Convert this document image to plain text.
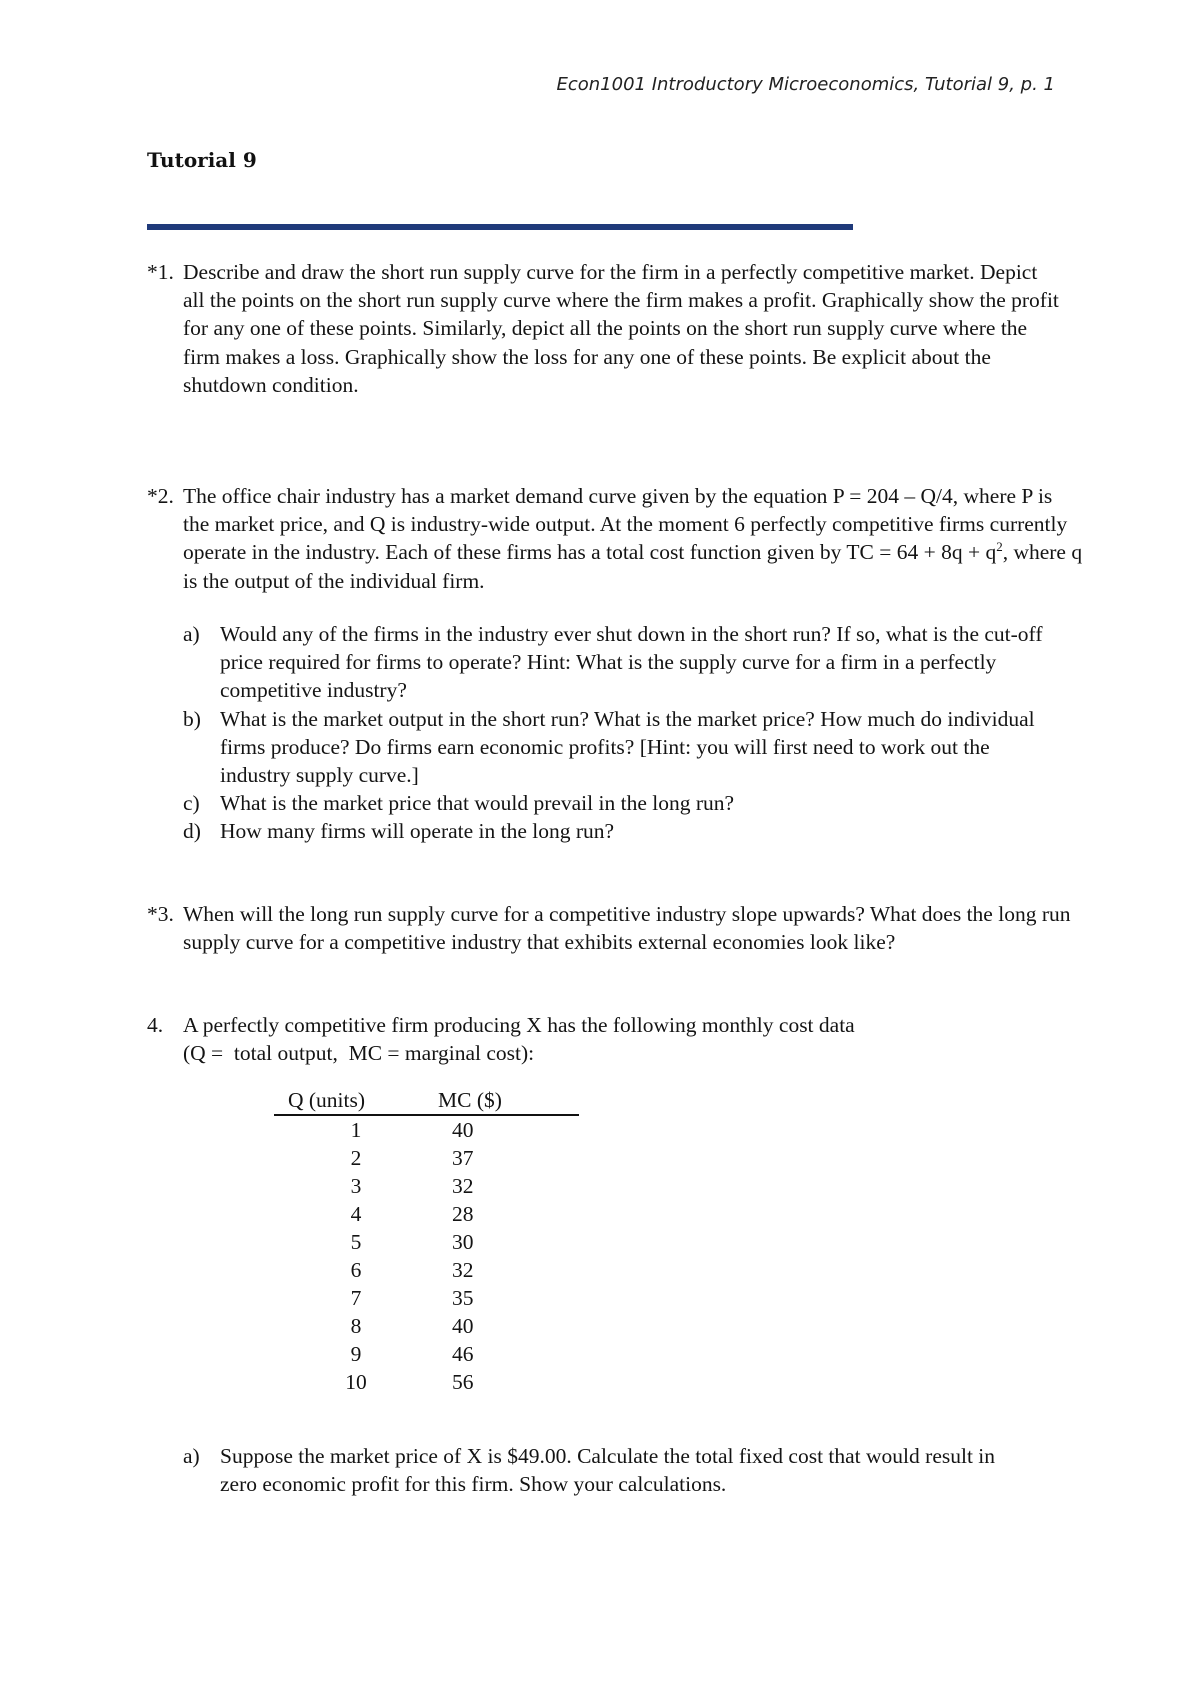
Econ1001 Introductory Microeconomics, Tutorial 9, p. 1
Tutorial 9
*1. Describe and draw the short run supply curve for the firm in a perfectly competitive market. Depict all the points on the short run supply curve where the firm makes a profit. Graphically show the profit for any one of these points. Similarly, depict all the points on the short run supply curve where the firm makes a loss. Graphically show the loss for any one of these points. Be explicit about the shutdown condition.

*2. The office chair industry has a market demand curve given by the equation P = 204 – Q/4, where P is the market price, and Q is industry-wide output. At the moment 6 perfectly competitive firms currently operate in the industry. Each of these firms has a total cost function given by TC = $64 + 8q + q^2$, where q is the output of the individual firm.

a) Would any of the firms in the industry ever shut down in the short run? If so, what is the cut-off price required for firms to operate? Hint: What is the supply curve for a firm in a perfectly competitive industry?
b) What is the market output in the short run? What is the market price? How much do individual firms produce? Do firms earn economic profits? [Hint: you will first need to work out the industry supply curve.]
c) What is the market price that would prevail in the long run?
d) How many firms will operate in the long run?
*3. When will the long run supply curve for a competitive industry slope upwards? What does the long run supply curve for a competitive industry that exhibits external economies look like?

4. A perfectly competitive firm producing X has the following monthly cost data

(Q =  total output,  MC = marginal cost):

Q (units)	MC ($)
1	40
2	37
3	32
4	28
5	30
6	32
7	35
8	40
9	46
10	56
a) Suppose the market price of X is $49.00. Calculate the total fixed cost that would result in zero economic profit for this firm. Show your calculations.
